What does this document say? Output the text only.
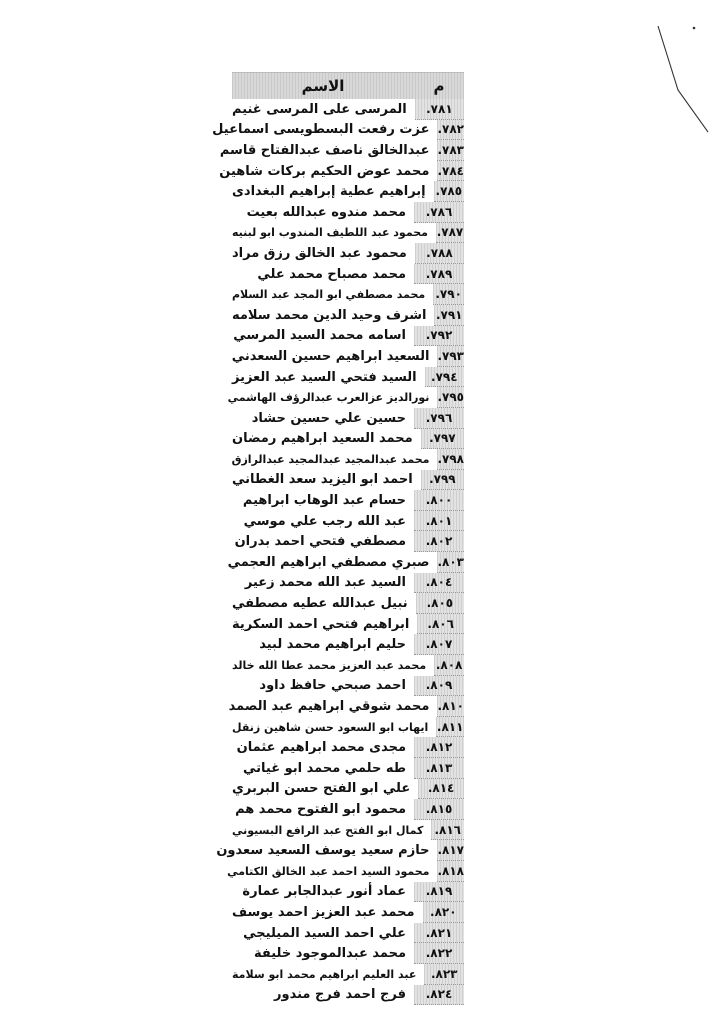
م
الاسم
٧٨١.
المرسى على المرسى غنيم
٧٨٢.
عزت رفعت البسطويسى اسماعيل
٧٨٣.
عبدالخالق ناصف عبدالفتاح قاسم
٧٨٤.
محمد عوض الحكيم بركات شاهين
٧٨٥.
إبراهيم عطية إبراهيم البغدادى
٧٨٦.
محمد مندوه عبدالله بعيت
٧٨٧.
محمود عبد اللطيف المندوب ابو لبنيه
٧٨٨.
محمود عبد الخالق رزق مراد
٧٨٩.
محمد مصباح محمد علي
٧٩٠.
محمد مصطفي ابو المجد عبد السلام
٧٩١.
اشرف وحيد الدين محمد سلامه
٧٩٢.
اسامه محمد السيد المرسي
٧٩٣.
السعيد ابراهيم حسين السعدني
٧٩٤.
السيد فتحي السيد عبد العزيز
٧٩٥.
نورالديز عزالعرب عبدالرؤف الهاشمي
٧٩٦.
حسين علي حسين حشاد
٧٩٧.
محمد السعيد ابراهيم رمضان
٧٩٨.
محمد عبدالمجيد عبدالمجيد عبدالرازق
٧٩٩.
احمد ابو اليزيد سعد الغطاني
٨٠٠.
حسام عبد الوهاب ابراهيم
٨٠١.
عبد الله رجب علي موسي
٨٠٢.
مصطفي فتحي احمد بدران
٨٠٣.
صبري مصطفي ابراهيم العجمي
٨٠٤.
السيد عبد الله محمد زعير
٨٠٥.
نبيل عبدالله عطيه مصطفي
٨٠٦.
ابراهيم فتحي احمد السكرية
٨٠٧.
حليم ابراهيم محمد لبيد
٨٠٨.
محمد عبد العزيز محمد عطا الله خالد
٨٠٩.
احمد صبحي حافظ داود
٨١٠.
محمد شوقي ابراهيم عبد الصمد
٨١١.
ايهاب ابو السعود حسن شاهين زنقل
٨١٢.
مجدى محمد ابراهيم عثمان
٨١٣.
طه حلمي محمد ابو غياتي
٨١٤.
علي ابو الفتح حسن البربري
٨١٥.
محمود ابو الفتوح محمد هم
٨١٦.
كمال ابو الفتح عبد الرافع البسيوني
٨١٧.
حازم سعيد يوسف السعيد سعدون
٨١٨.
محمود السيد احمد عبد الخالق الكتامي
٨١٩.
عماد أنور عبدالجابر عمارة
٨٢٠.
محمد عبد العزيز احمد يوسف
٨٢١.
علي احمد السيد الميليجي
٨٢٢.
محمد عبدالموجود خليفة
٨٢٣.
عبد العليم ابراهيم محمد ابو سلامة
٨٢٤.
فرج احمد فرج مندور
